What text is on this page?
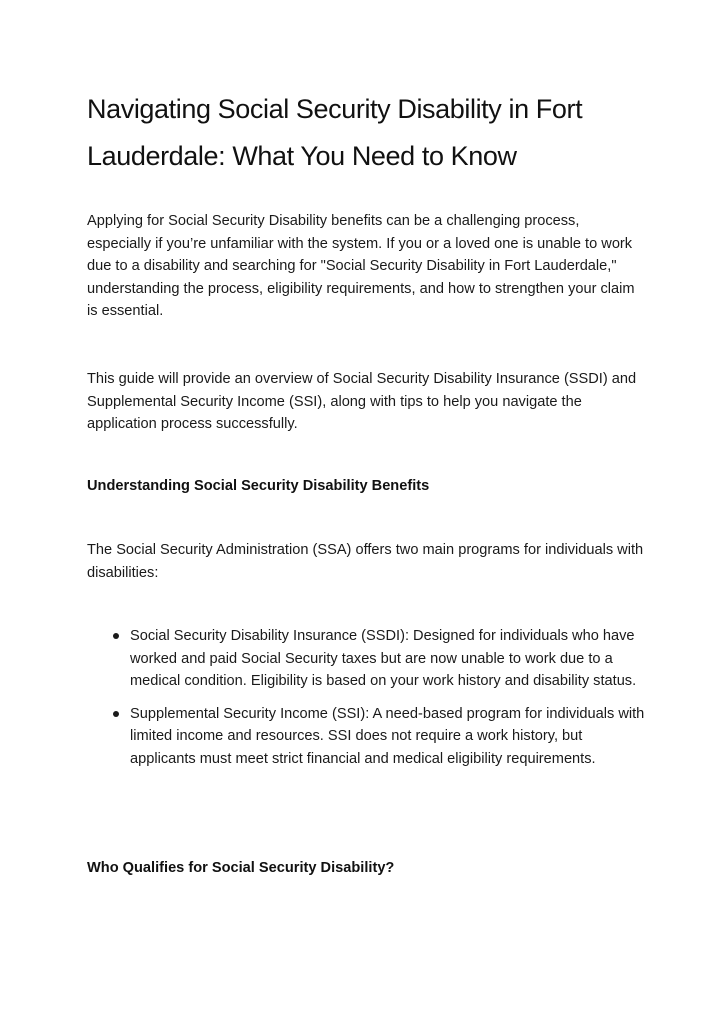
Navigating Social Security Disability in Fort Lauderdale: What You Need to Know

Applying for Social Security Disability benefits can be a challenging process, especially if you’re unfamiliar with the system. If you or a loved one is unable to work due to a disability and searching for "Social Security Disability in Fort Lauderdale," understanding the process, eligibility requirements, and how to strengthen your claim is essential.

This guide will provide an overview of Social Security Disability Insurance (SSDI) and Supplemental Security Income (SSI), along with tips to help you navigate the application process successfully.

Understanding Social Security Disability Benefits

The Social Security Administration (SSA) offers two main programs for individuals with disabilities:

Social Security Disability Insurance (SSDI): Designed for individuals who have worked and paid Social Security taxes but are now unable to work due to a medical condition. Eligibility is based on your work history and disability status.
Supplemental Security Income (SSI): A need-based program for individuals with limited income and resources. SSI does not require a work history, but applicants must meet strict financial and medical eligibility requirements.
Who Qualifies for Social Security Disability?
